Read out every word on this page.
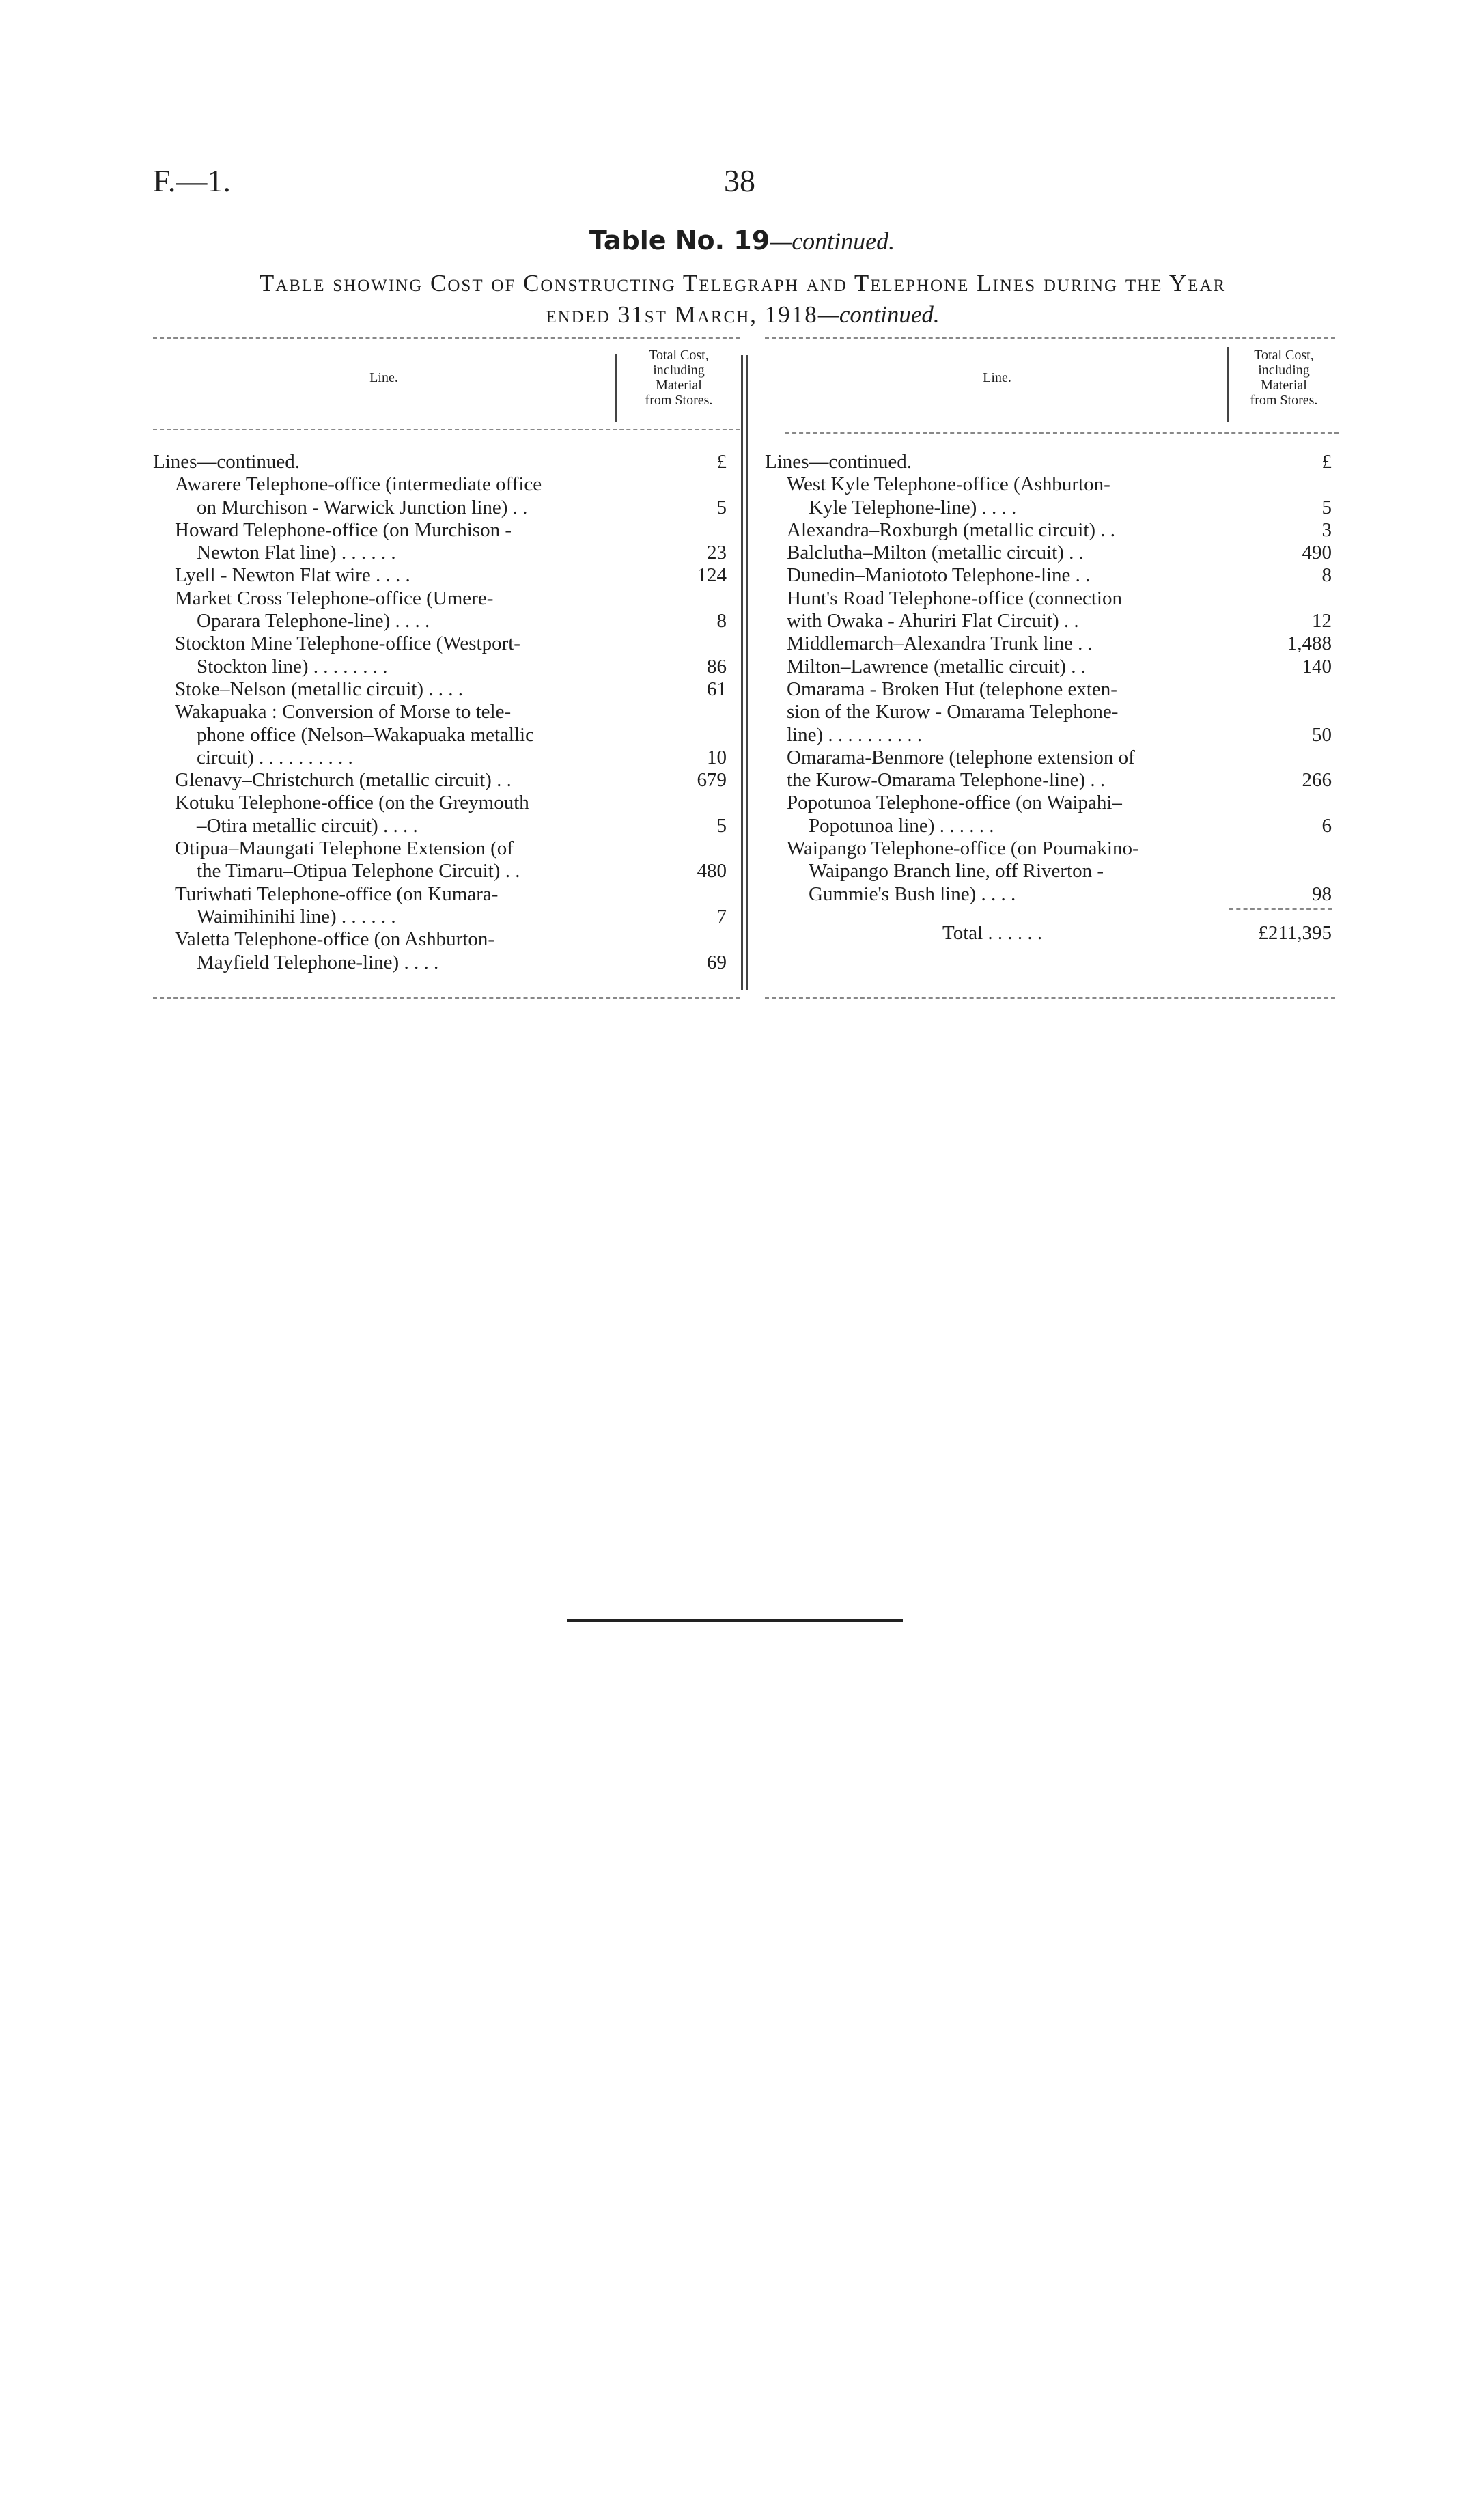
F.—1.	38
Table No. 19—continued.
Table showing Cost of Constructing Telegraph and Telephone Lines during the Year
ended 31st March, 1918—continued.
Line.
Total Cost,
including
Material
from Stores.
Lines—continued.	£
Awarere Telephone-office (intermediate office
on Murchison - Warwick Junction line) . .	5
Howard Telephone-office (on Murchison -
Newton Flat line) . . . . . .	23
Lyell - Newton Flat wire . . . .	124
Market Cross Telephone-office (Umere-
Oparara Telephone-line) . . . .	8
Stockton Mine Telephone-office (Westport-
Stockton line) . . . . . . . .	86
Stoke–Nelson (metallic circuit) . . . .	61
Wakapuaka : Conversion of Morse to tele-
phone office (Nelson–Wakapuaka metallic
circuit) . . . . . . . . . .	10
Glenavy–Christchurch (metallic circuit) . .	679
Kotuku Telephone-office (on the Greymouth
–Otira metallic circuit) . . . .	5
Otipua–Maungati Telephone Extension (of
the Timaru–Otipua Telephone Circuit) . .	480
Turiwhati Telephone-office (on Kumara-
Waimihinihi line) . . . . . .	7
Valetta Telephone-office (on Ashburton-
Mayfield Telephone-line) . . . .	69
Line.
Total Cost,
including
Material
from Stores.
Lines—continued.	£
West Kyle Telephone-office (Ashburton-
Kyle Telephone-line) . . . .	5
Alexandra–Roxburgh (metallic circuit) . .	3
Balclutha–Milton (metallic circuit) . .	490
Dunedin–Maniototo Telephone-line . .	8
Hunt's Road Telephone-office (connection
with Owaka - Ahuriri Flat Circuit) . .	12
Middlemarch–Alexandra Trunk line . .	1,488
Milton–Lawrence (metallic circuit) . .	140
Omarama - Broken Hut (telephone exten-
sion of the Kurow - Omarama Telephone-
line) . . . . . . . . . .	50
Omarama-Benmore (telephone extension of
the Kurow-Omarama Telephone-line) . .	266
Popotunoa Telephone-office (on Waipahi–
Popotunoa line) . . . . . .	6
Waipango Telephone-office (on Poumakino-
Waipango Branch line, off Riverton -
Gummie's Bush line) . . . .	98
Total . . . . . .	£211,395
